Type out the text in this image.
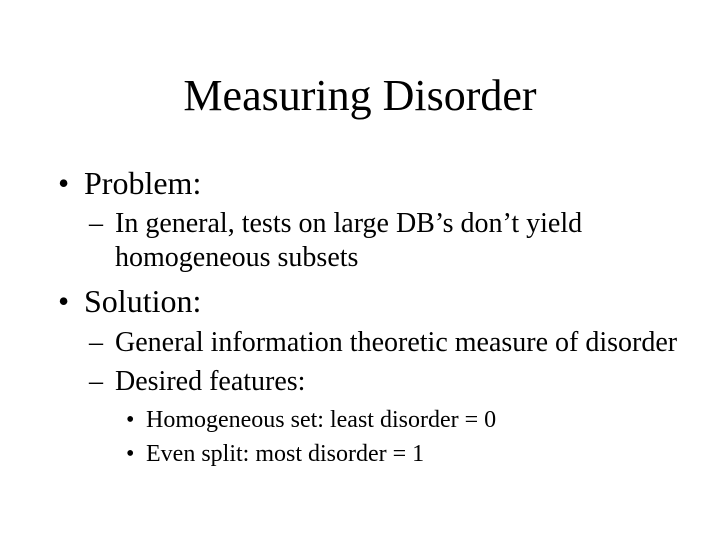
Measuring Disorder
• Problem:
– In general, tests on large DB’s don’t yield homogeneous subsets
• Solution:
– General information theoretic measure of disorder
– Desired features:
• Homogeneous set: least disorder = 0
• Even split: most disorder = 1
